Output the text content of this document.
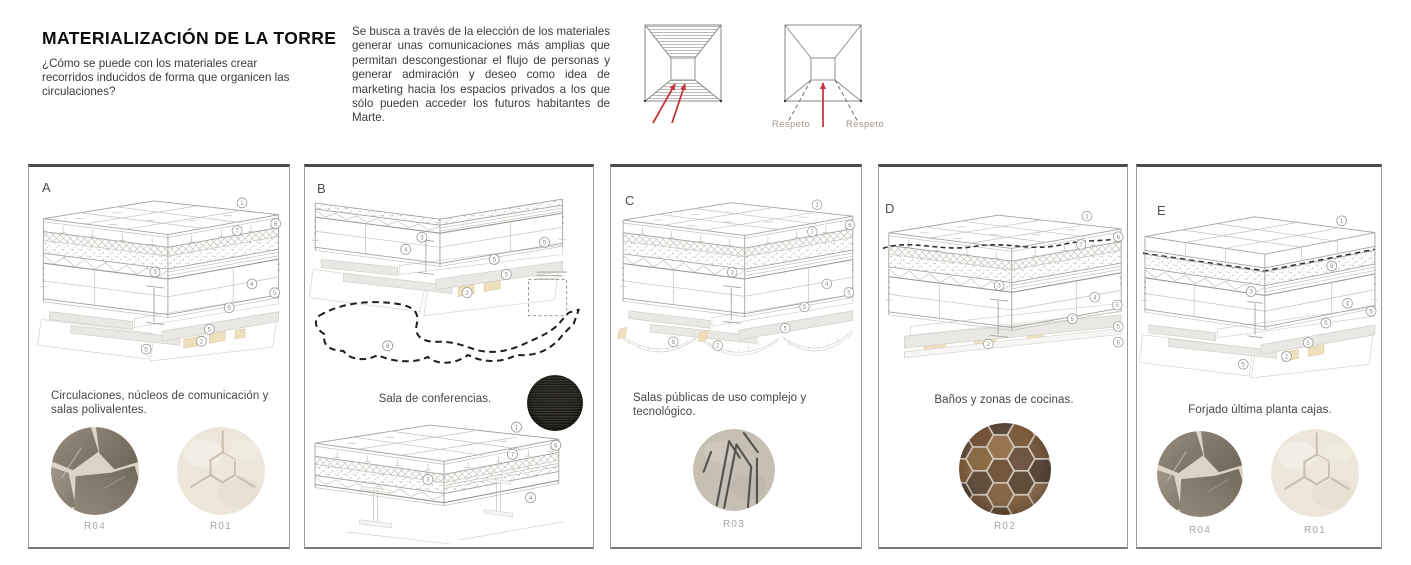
MATERIALIZACIÓN DE LA TORRE
¿Cómo se puede con los materiales crear recorridos inducidos de forma que organicen las circulaciones?
Se busca a través de la elección de los materiales generar unas comunicaciones más amplias que permitan descongestionar el flujo de personas y generar admiración y deseo como idea de marketing hacia los espacios privados a los que sólo pueden acceder los futuros habitantes de Marte.
Respeto	Respeto
A
1
6
7
3
4
5
5
5
2
5
Circulaciones, núcleos de comunicación y salas polivalentes.
R04	R01
B
3
4
5
5
5
2
8
Sala de conferencias.
1
6
7
3
4
C	1
7
6
3
4
5
5
5
8
2
Salas públicas de uso complejo y tecnológico.
R03
D
1
6
7
3
4
5
5
2
5
8
Baños y zonas de cocinas.
R02
E
1
6
3
4
5
5
5
2
5
Forjado última planta cajas.
R04	R01
